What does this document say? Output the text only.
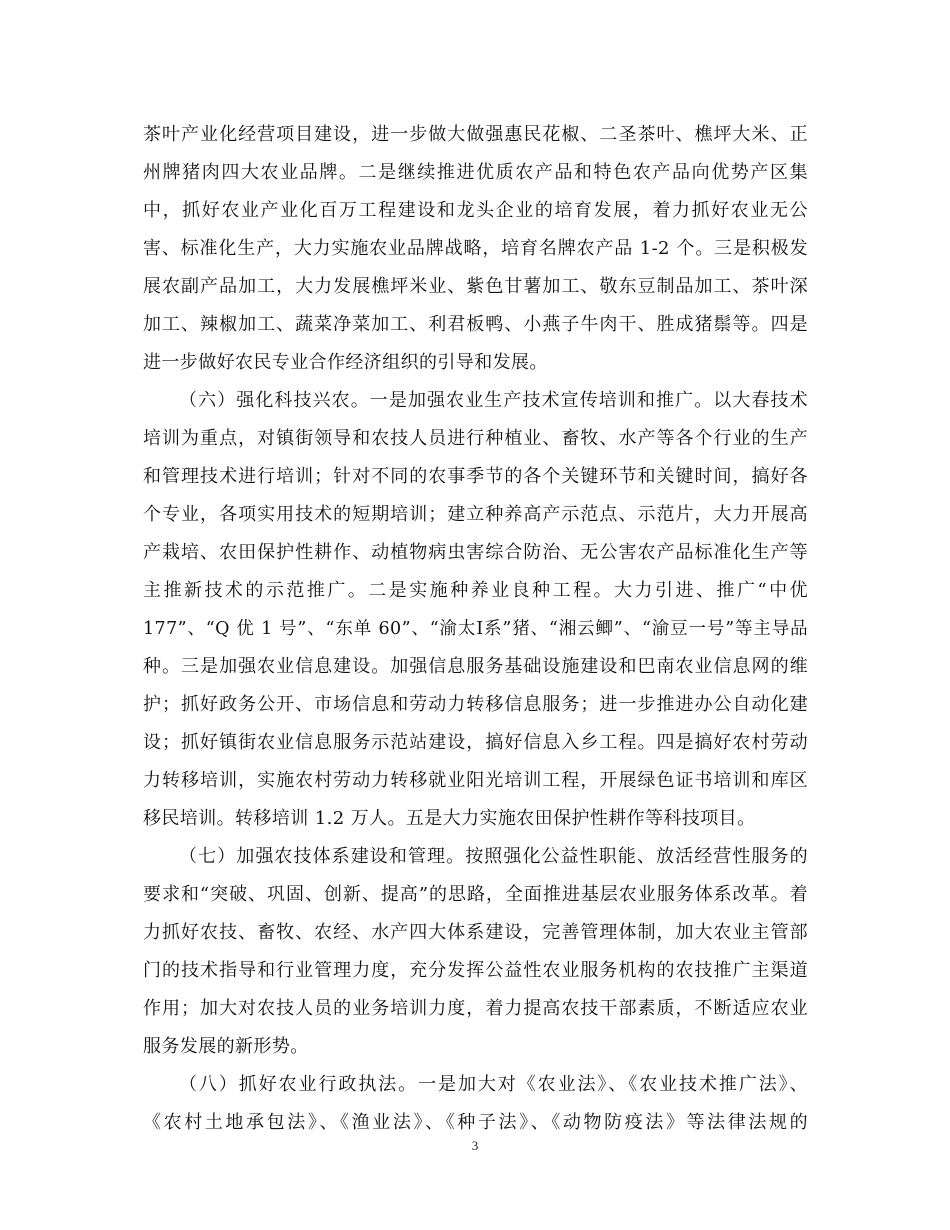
茶叶产业化经营项目建设，进一步做大做强惠民花椒、二圣茶叶、樵坪大米、正
州牌猪肉四大农业品牌。二是继续推进优质农产品和特色农产品向优势产区集
中，抓好农业产业化百万工程建设和龙头企业的培育发展，着力抓好农业无公
害、标准化生产，大力实施农业品牌战略，培育名牌农产品 1-2 个。三是积极发
展农副产品加工，大力发展樵坪米业、紫色甘薯加工、敬东豆制品加工、茶叶深
加工、辣椒加工、蔬菜净菜加工、利君板鸭、小燕子牛肉干、胜成猪鬃等。四是
进一步做好农民专业合作经济组织的引导和发展。
（六）强化科技兴农。一是加强农业生产技术宣传培训和推广。以大春技术
培训为重点，对镇街领导和农技人员进行种植业、畜牧、水产等各个行业的生产
和管理技术进行培训；针对不同的农事季节的各个关键环节和关键时间，搞好各
个专业，各项实用技术的短期培训；建立种养高产示范点、示范片，大力开展高
产栽培、农田保护性耕作、动植物病虫害综合防治、无公害农产品标准化生产等
主推新技术的示范推广。二是实施种养业良种工程。大力引进、推广“中优
177”、“Q 优 1 号”、“东单 60”、“渝太Ⅰ系”猪、“湘云鲫”、“渝豆一号”等主导品
种。三是加强农业信息建设。加强信息服务基础设施建设和巴南农业信息网的维
护；抓好政务公开、市场信息和劳动力转移信息服务；进一步推进办公自动化建
设；抓好镇街农业信息服务示范站建设，搞好信息入乡工程。四是搞好农村劳动
力转移培训，实施农村劳动力转移就业阳光培训工程，开展绿色证书培训和库区
移民培训。转移培训 1.2 万人。五是大力实施农田保护性耕作等科技项目。
（七）加强农技体系建设和管理。按照强化公益性职能、放活经营性服务的
要求和“突破、巩固、创新、提高”的思路，全面推进基层农业服务体系改革。着
力抓好农技、畜牧、农经、水产四大体系建设，完善管理体制，加大农业主管部
门的技术指导和行业管理力度，充分发挥公益性农业服务机构的农技推广主渠道
作用；加大对农技人员的业务培训力度，着力提高农技干部素质，不断适应农业
服务发展的新形势。
（八）抓好农业行政执法。一是加大对《农业法》、《农业技术推广法》、
《农村土地承包法》、《渔业法》、《种子法》、《动物防疫法》等法律法规的
3
